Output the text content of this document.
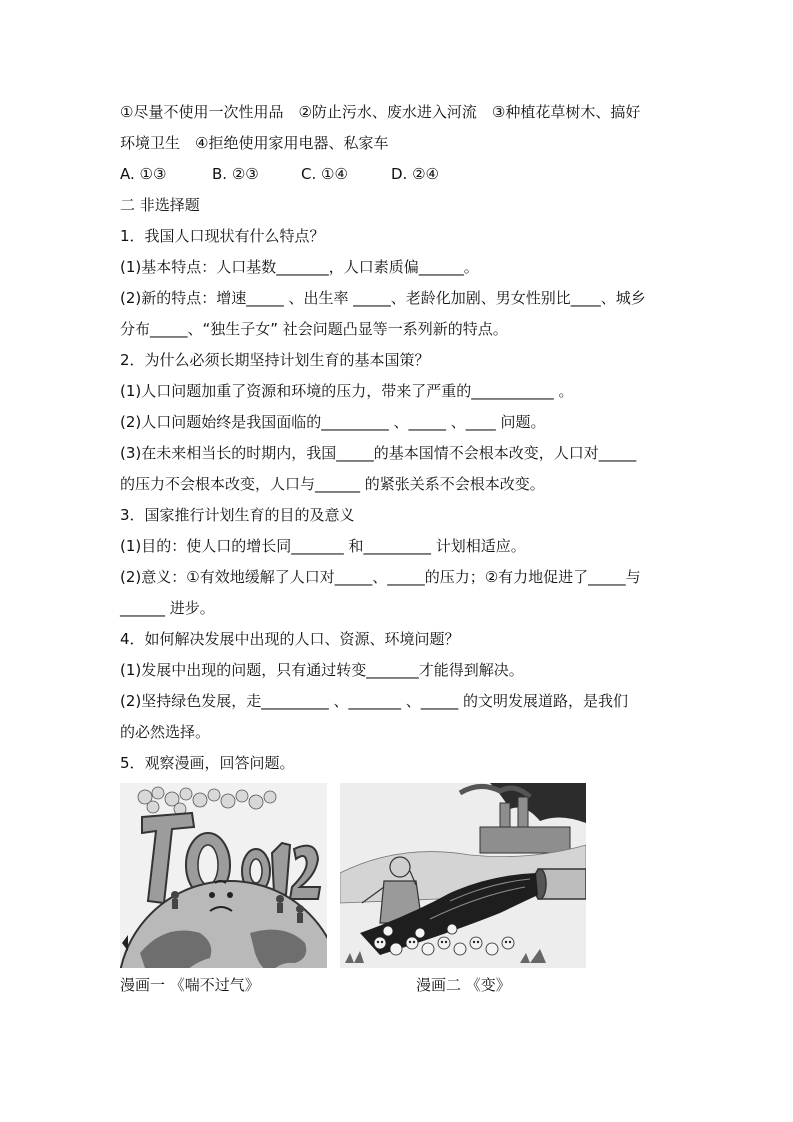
①尽量不使用一次性用品　②防止污水、废水进入河流　③种植花草树木、搞好
环境卫生　④拒绝使用家用电器、私家车
A. ①③	B. ②③	C. ①④	D. ②④
二 非选择题
1．我国人口现状有什么特点？
(1)基本特点：人口基数_______，人口素质偏______。
(2)新的特点：增速_____ 、出生率 _____、老龄化加剧、男女性别比____、城乡
分布_____、“独生子女” 社会问题凸显等一系列新的特点。
2．为什么必须长期坚持计划生育的基本国策？
(1)人口问题加重了资源和环境的压力，带来了严重的___________ 。
(2)人口问题始终是我国面临的_________ 、_____ 、____ 问题。
(3)在未来相当长的时期内，我国_____的基本国情不会根本改变，人口对_____
的压力不会根本改变，人口与______ 的紧张关系不会根本改变。
3．国家推行计划生育的目的及意义
(1)目的：使人口的增长同_______ 和_________ 计划相适应。
(2)意义：①有效地缓解了人口对_____、_____的压力；②有力地促进了_____与
______ 进步。
4．如何解决发展中出现的人口、资源、环境问题？
(1)发展中出现的问题，只有通过转变_______才能得到解决。
(2)坚持绿色发展，走_________ 、_______ 、_____ 的文明发展道路，是我们
的必然选择。
5．观察漫画，回答问题。
漫画一 《喘不过气》	漫画二 《变》
